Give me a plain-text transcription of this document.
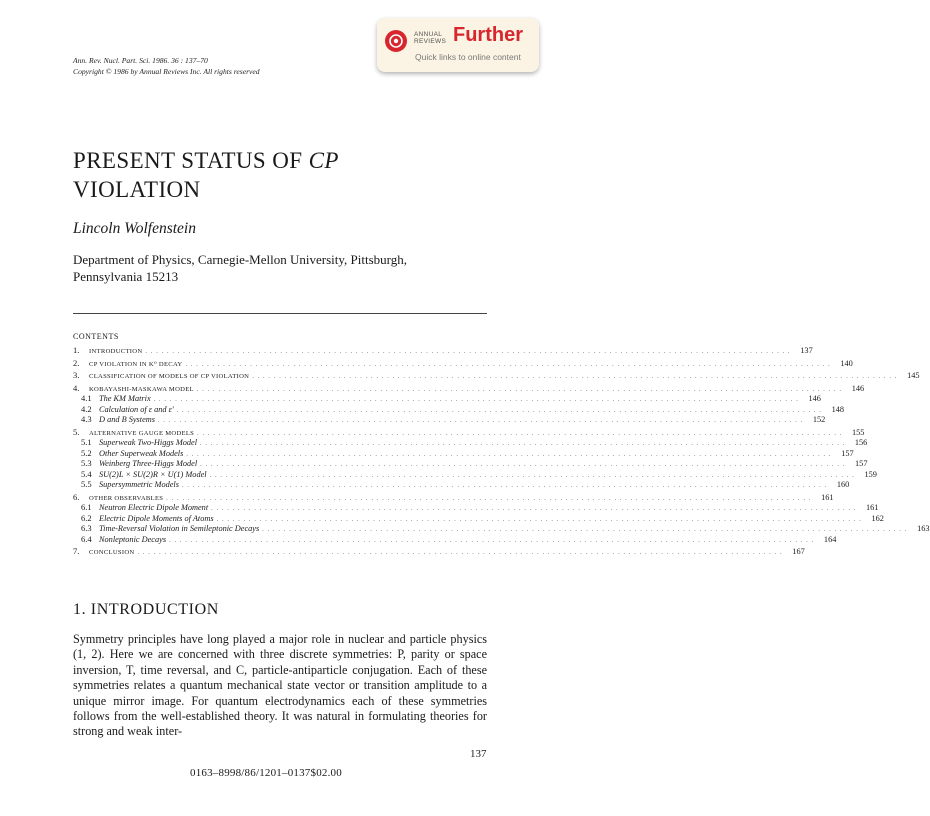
ANNUAL
REVIEWS Further
Quick links to online content
Ann. Rev. Nucl. Part. Sci. 1986. 36 : 137–70
Copyright © 1986 by Annual Reviews Inc. All rights reserved
PRESENT STATUS OF CP
VIOLATION
Lincoln Wolfenstein
Department of Physics, Carnegie-Mellon University, Pittsburgh,
Pennsylvania 15213
CONTENTS
1.	INTRODUCTION . . . . . . . . . . . . . . . . . . . . . . . . . . . . . . . . . . . . . . . . . . . . . . . . . . . . . . . . . . . . . . . . . . . . . . . . . . . . . . . . . . . . . . . . . . . . . . . . . . . . . . . . . . . . . . . . . . . . . . . .	137
2.	CP VIOLATION IN K⁰ DECAY . . . . . . . . . . . . . . . . . . . . . . . . . . . . . . . . . . . . . . . . . . . . . . . . . . . . . . . . . . . . . . . . . . . . . . . . . . . . . . . . . . . . . . . . . . . . . . . . . . . . . . . . . . . . . . . . . . . . . . . .	140
3.	CLASSIFICATION OF MODELS OF CP VIOLATION . . . . . . . . . . . . . . . . . . . . . . . . . . . . . . . . . . . . . . . . . . . . . . . . . . . . . . . . . . . . . . . . . . . . . . . . . . . . . . . . . . . . . . . . . . . . . . . . . . . . . . . . . . . . . . . . . . . . . . . .	145
4.	KOBAYASHI-MASKAWA MODEL . . . . . . . . . . . . . . . . . . . . . . . . . . . . . . . . . . . . . . . . . . . . . . . . . . . . . . . . . . . . . . . . . . . . . . . . . . . . . . . . . . . . . . . . . . . . . . . . . . . . . . . . . . . . . . . . . . . . . . . .	146
4.1 The KM Matrix . . . . . . . . . . . . . . . . . . . . . . . . . . . . . . . . . . . . . . . . . . . . . . . . . . . . . . . . . . . . . . . . . . . . . . . . . . . . . . . . . . . . . . . . . . . . . . . . . . . . . . . . . . . . . . . . . . . . . . . .	146
4.2 Calculation of ε and ε′ . . . . . . . . . . . . . . . . . . . . . . . . . . . . . . . . . . . . . . . . . . . . . . . . . . . . . . . . . . . . . . . . . . . . . . . . . . . . . . . . . . . . . . . . . . . . . . . . . . . . . . . . . . . . . . . . . . . . . . . .	148
4.3 D and B Systems . . . . . . . . . . . . . . . . . . . . . . . . . . . . . . . . . . . . . . . . . . . . . . . . . . . . . . . . . . . . . . . . . . . . . . . . . . . . . . . . . . . . . . . . . . . . . . . . . . . . . . . . . . . . . . . . . . . . . . . .	152
5.	ALTERNATIVE GAUGE MODELS . . . . . . . . . . . . . . . . . . . . . . . . . . . . . . . . . . . . . . . . . . . . . . . . . . . . . . . . . . . . . . . . . . . . . . . . . . . . . . . . . . . . . . . . . . . . . . . . . . . . . . . . . . . . . . . . . . . . . . . .	155
5.1 Superweak Two-Higgs Model . . . . . . . . . . . . . . . . . . . . . . . . . . . . . . . . . . . . . . . . . . . . . . . . . . . . . . . . . . . . . . . . . . . . . . . . . . . . . . . . . . . . . . . . . . . . . . . . . . . . . . . . . . . . . . . . . . . . . . . .	156
5.2 Other Superweak Models . . . . . . . . . . . . . . . . . . . . . . . . . . . . . . . . . . . . . . . . . . . . . . . . . . . . . . . . . . . . . . . . . . . . . . . . . . . . . . . . . . . . . . . . . . . . . . . . . . . . . . . . . . . . . . . . . . . . . . . .	157
5.3 Weinberg Three-Higgs Model . . . . . . . . . . . . . . . . . . . . . . . . . . . . . . . . . . . . . . . . . . . . . . . . . . . . . . . . . . . . . . . . . . . . . . . . . . . . . . . . . . . . . . . . . . . . . . . . . . . . . . . . . . . . . . . . . . . . . . . .	157
5.4 SU(2)L × SU(2)R × U(1) Model . . . . . . . . . . . . . . . . . . . . . . . . . . . . . . . . . . . . . . . . . . . . . . . . . . . . . . . . . . . . . . . . . . . . . . . . . . . . . . . . . . . . . . . . . . . . . . . . . . . . . . . . . . . . . . . . . . . . . . . .	159
5.5 Supersymmetric Models . . . . . . . . . . . . . . . . . . . . . . . . . . . . . . . . . . . . . . . . . . . . . . . . . . . . . . . . . . . . . . . . . . . . . . . . . . . . . . . . . . . . . . . . . . . . . . . . . . . . . . . . . . . . . . . . . . . . . . . .	160
6.	OTHER OBSERVABLES . . . . . . . . . . . . . . . . . . . . . . . . . . . . . . . . . . . . . . . . . . . . . . . . . . . . . . . . . . . . . . . . . . . . . . . . . . . . . . . . . . . . . . . . . . . . . . . . . . . . . . . . . . . . . . . . . . . . . . . .	161
6.1 Neutron Electric Dipole Moment . . . . . . . . . . . . . . . . . . . . . . . . . . . . . . . . . . . . . . . . . . . . . . . . . . . . . . . . . . . . . . . . . . . . . . . . . . . . . . . . . . . . . . . . . . . . . . . . . . . . . . . . . . . . . . . . . . . . . . . .	161
6.2 Electric Dipole Moments of Atoms . . . . . . . . . . . . . . . . . . . . . . . . . . . . . . . . . . . . . . . . . . . . . . . . . . . . . . . . . . . . . . . . . . . . . . . . . . . . . . . . . . . . . . . . . . . . . . . . . . . . . . . . . . . . . . . . . . . . . . . .	162
6.3 Time-Reversal Violation in Semileptonic Decays . . . . . . . . . . . . . . . . . . . . . . . . . . . . . . . . . . . . . . . . . . . . . . . . . . . . . . . . . . . . . . . . . . . . . . . . . . . . . . . . . . . . . . . . . . . . . . . . . . . . . . . . . . . . . . . . . . . . . . . .	163
6.4 Nonleptonic Decays . . . . . . . . . . . . . . . . . . . . . . . . . . . . . . . . . . . . . . . . . . . . . . . . . . . . . . . . . . . . . . . . . . . . . . . . . . . . . . . . . . . . . . . . . . . . . . . . . . . . . . . . . . . . . . . . . . . . . . . .	164
7.	CONCLUSION . . . . . . . . . . . . . . . . . . . . . . . . . . . . . . . . . . . . . . . . . . . . . . . . . . . . . . . . . . . . . . . . . . . . . . . . . . . . . . . . . . . . . . . . . . . . . . . . . . . . . . . . . . . . . . . . . . . . . . . .	167
1. INTRODUCTION
Symmetry principles have long played a major role in nuclear and particle physics (1, 2). Here we are concerned with three discrete symmetries: P, parity or space inversion, T, time reversal, and C, particle-antiparticle conjugation. Each of these symmetries relates a quantum mechanical state vector or transition amplitude to a unique mirror image. For quantum electrodynamics each of these symmetries follows from the well-established theory. It was natural in formulating theories for strong and weak inter-
137
0163–8998/86/1201–0137$02.00
